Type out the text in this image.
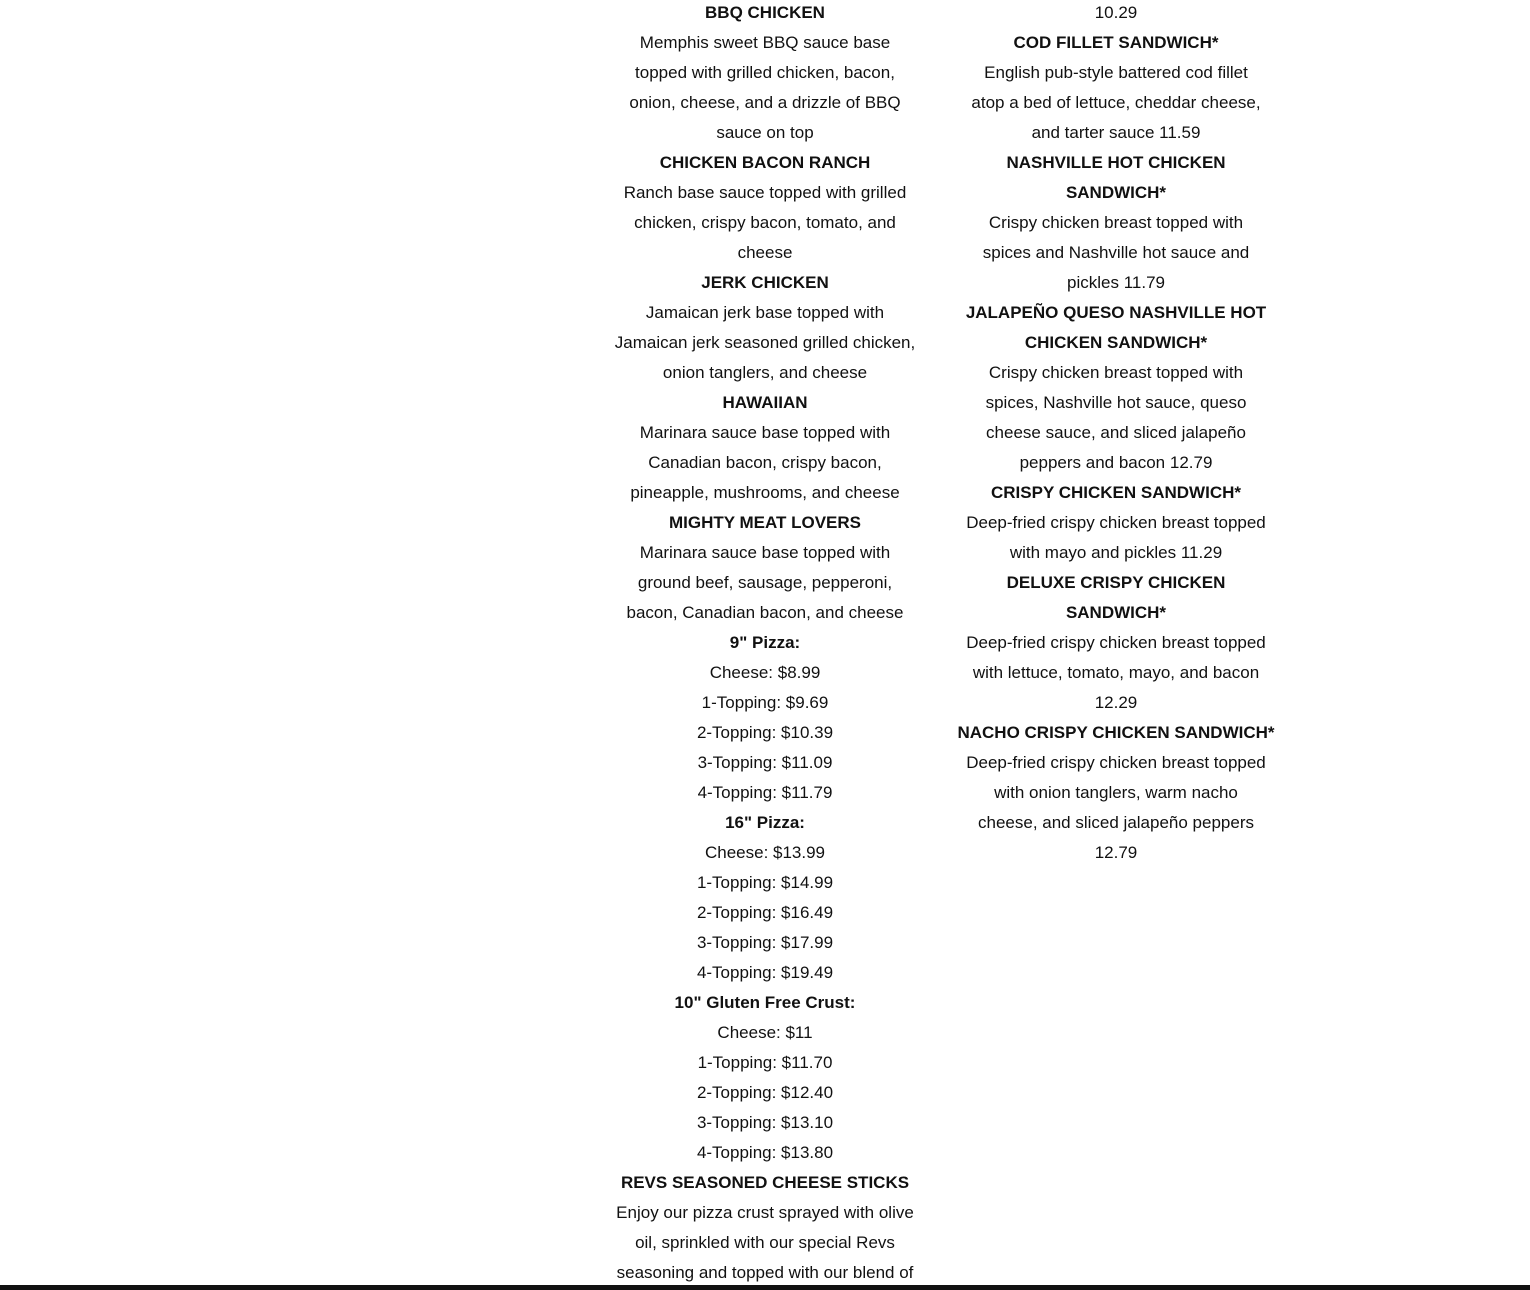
BBQ CHICKEN
Memphis sweet BBQ sauce base
topped with grilled chicken, bacon,
onion, cheese, and a drizzle of BBQ
sauce on top
CHICKEN BACON RANCH
Ranch base sauce topped with grilled
chicken, crispy bacon, tomato, and
cheese
JERK CHICKEN
Jamaican jerk base topped with
Jamaican jerk seasoned grilled chicken,
onion tanglers, and cheese
HAWAIIAN
Marinara sauce base topped with
Canadian bacon, crispy bacon,
pineapple, mushrooms, and cheese
MIGHTY MEAT LOVERS
Marinara sauce base topped with
ground beef, sausage, pepperoni,
bacon, Canadian bacon, and cheese
9" Pizza:
Cheese: $8.99
1-Topping: $9.69
2-Topping: $10.39
3-Topping: $11.09
4-Topping: $11.79
16" Pizza:
Cheese: $13.99
1-Topping: $14.99
2-Topping: $16.49
3-Topping: $17.99
4-Topping: $19.49
10" Gluten Free Crust:
Cheese: $11
1-Topping: $11.70
2-Topping: $12.40
3-Topping: $13.10
4-Topping: $13.80
REVS SEASONED CHEESE STICKS
Enjoy our pizza crust sprayed with olive
oil, sprinkled with our special Revs
seasoning and topped with our blend of
10.29
COD FILLET SANDWICH*
English pub-style battered cod fillet
atop a bed of lettuce, cheddar cheese,
and tarter sauce 11.59
NASHVILLE HOT CHICKEN
SANDWICH*
Crispy chicken breast topped with
spices and Nashville hot sauce and
pickles 11.79
JALAPEÑO QUESO NASHVILLE HOT
CHICKEN SANDWICH*
Crispy chicken breast topped with
spices, Nashville hot sauce, queso
cheese sauce, and sliced jalapeño
peppers and bacon 12.79
CRISPY CHICKEN SANDWICH*
Deep-fried crispy chicken breast topped
with mayo and pickles 11.29
DELUXE CRISPY CHICKEN
SANDWICH*
Deep-fried crispy chicken breast topped
with lettuce, tomato, mayo, and bacon
12.29
NACHO CRISPY CHICKEN SANDWICH*
Deep-fried crispy chicken breast topped
with onion tanglers, warm nacho
cheese, and sliced jalapeño peppers
12.79
